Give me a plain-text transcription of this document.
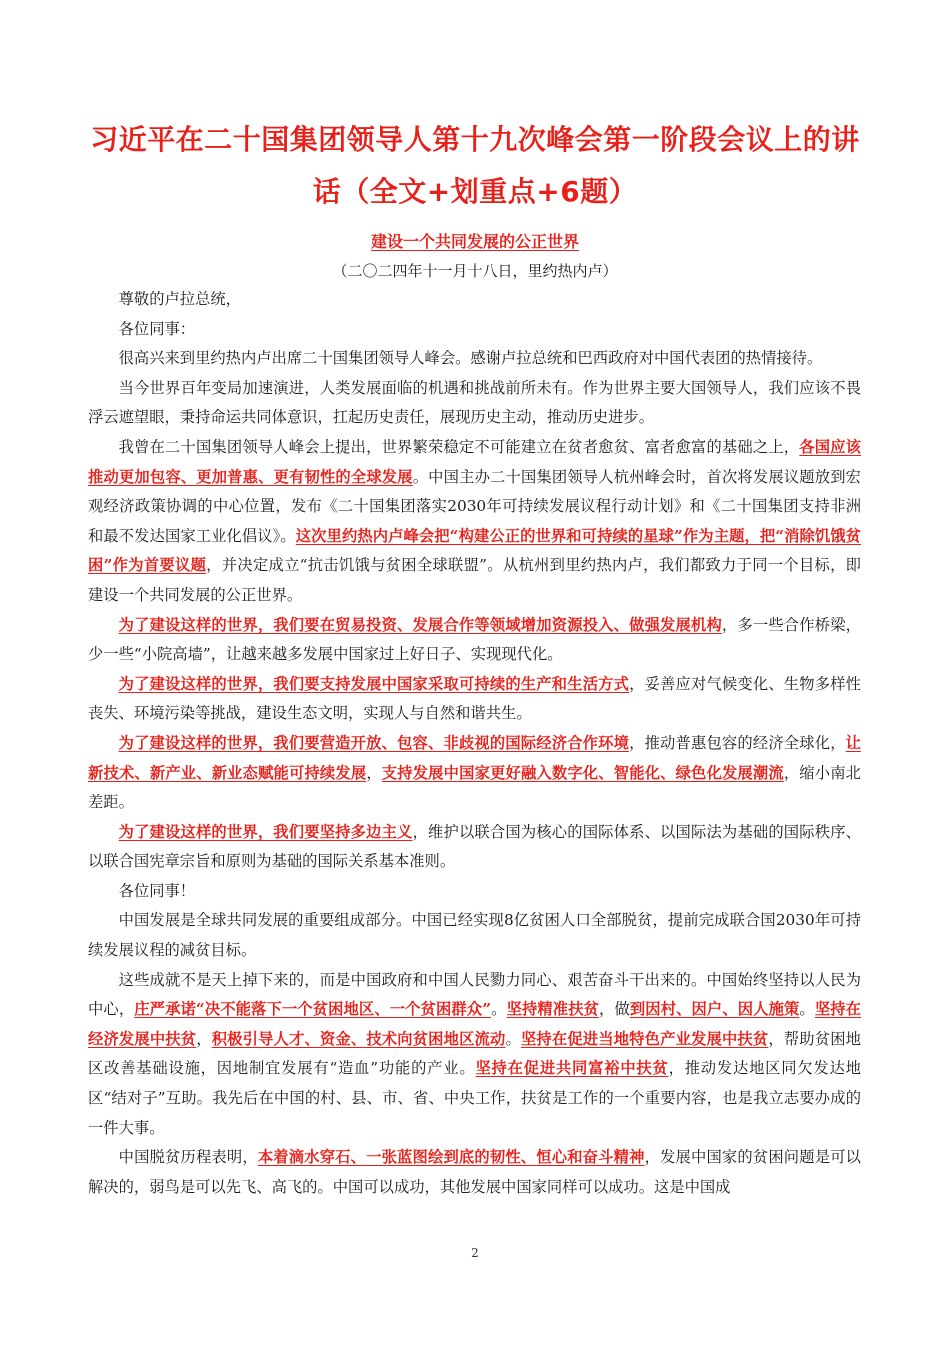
习近平在二十国集团领导人第十九次峰会第一阶段会议上的讲话（全文+划重点+6题）
建设一个共同发展的公正世界
（二〇二四年十一月十八日，里约热内卢）

尊敬的卢拉总统，

各位同事：

很高兴来到里约热内卢出席二十国集团领导人峰会。感谢卢拉总统和巴西政府对中国代表团的热情接待。

当今世界百年变局加速演进，人类发展面临的机遇和挑战前所未有。作为世界主要大国领导人，我们应该不畏浮云遮望眼，秉持命运共同体意识，扛起历史责任，展现历史主动，推动历史进步。

我曾在二十国集团领导人峰会上提出，世界繁荣稳定不可能建立在贫者愈贫、富者愈富的基础之上，各国应该推动更加包容、更加普惠、更有韧性的全球发展。中国主办二十国集团领导人杭州峰会时，首次将发展议题放到宏观经济政策协调的中心位置，发布《二十国集团落实2030年可持续发展议程行动计划》和《二十国集团支持非洲和最不发达国家工业化倡议》。这次里约热内卢峰会把“构建公正的世界和可持续的星球”作为主题，把“消除饥饿贫困”作为首要议题，并决定成立“抗击饥饿与贫困全球联盟”。从杭州到里约热内卢，我们都致力于同一个目标，即建设一个共同发展的公正世界。

为了建设这样的世界，我们要在贸易投资、发展合作等领域增加资源投入、做强发展机构，多一些合作桥梁，少一些“小院高墙”，让越来越多发展中国家过上好日子、实现现代化。

为了建设这样的世界，我们要支持发展中国家采取可持续的生产和生活方式，妥善应对气候变化、生物多样性丧失、环境污染等挑战，建设生态文明，实现人与自然和谐共生。

为了建设这样的世界，我们要营造开放、包容、非歧视的国际经济合作环境，推动普惠包容的经济全球化，让新技术、新产业、新业态赋能可持续发展，支持发展中国家更好融入数字化、智能化、绿色化发展潮流，缩小南北差距。

为了建设这样的世界，我们要坚持多边主义，维护以联合国为核心的国际体系、以国际法为基础的国际秩序、以联合国宪章宗旨和原则为基础的国际关系基本准则。

各位同事！

中国发展是全球共同发展的重要组成部分。中国已经实现8亿贫困人口全部脱贫，提前完成联合国2030年可持续发展议程的减贫目标。

这些成就不是天上掉下来的，而是中国政府和中国人民勠力同心、艰苦奋斗干出来的。中国始终坚持以人民为中心，庄严承诺“决不能落下一个贫困地区、一个贫困群众”。坚持精准扶贫，做到因村、因户、因人施策。坚持在经济发展中扶贫，积极引导人才、资金、技术向贫困地区流动。坚持在促进当地特色产业发展中扶贫，帮助贫困地区改善基础设施，因地制宜发展有“造血”功能的产业。坚持在促进共同富裕中扶贫，推动发达地区同欠发达地区“结对子”互助。我先后在中国的村、县、市、省、中央工作，扶贫是工作的一个重要内容，也是我立志要办成的一件大事。

中国脱贫历程表明，本着滴水穿石、一张蓝图绘到底的韧性、恒心和奋斗精神，发展中国家的贫困问题是可以解决的，弱鸟是可以先飞、高飞的。中国可以成功，其他发展中国家同样可以成功。这是中国成

2
